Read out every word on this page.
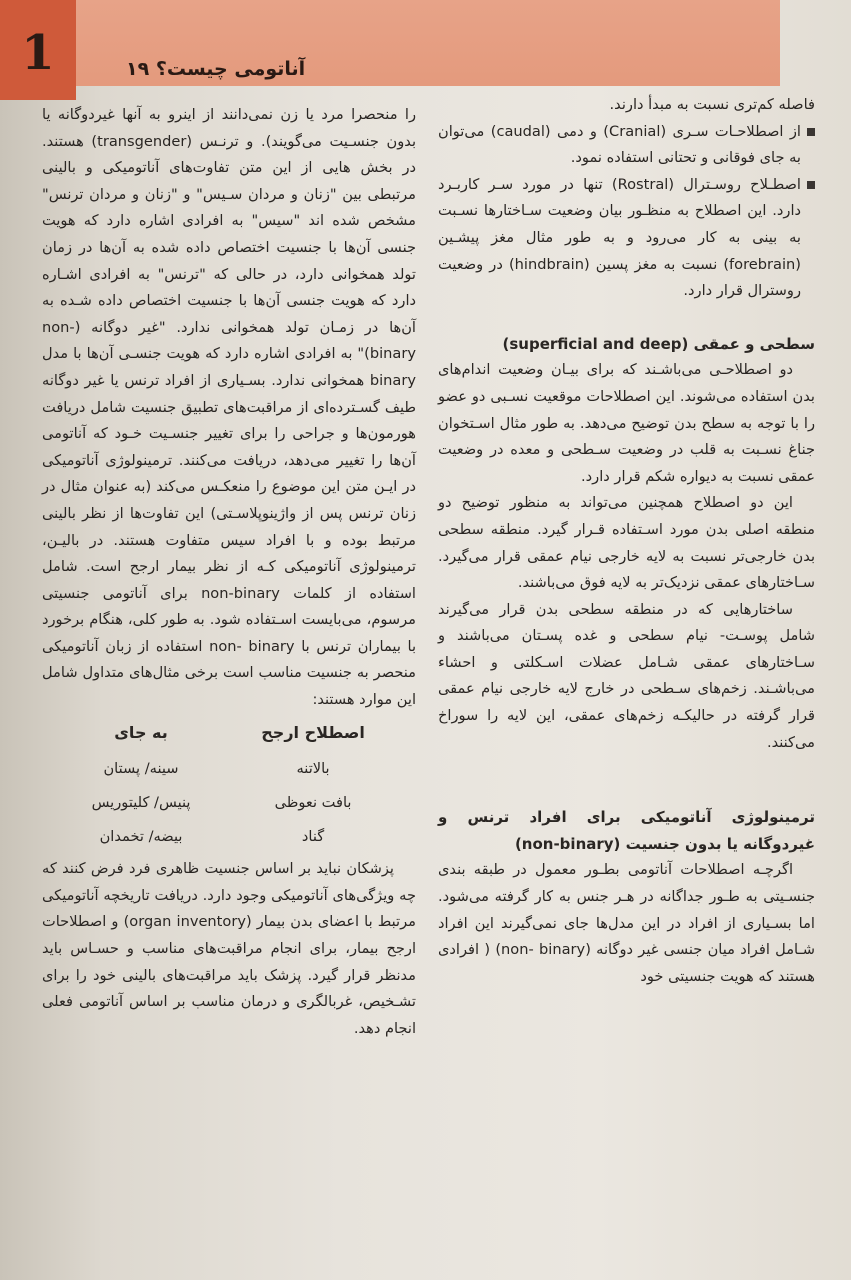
1	آناتومی چیست؟ ۱۹

فاصله کم‌تری نسبت به مبدأ دارند.

از اصطلاحـات سـری (Cranial) و دمی (caudal) می‌توان به جای فوقانی و تحتانی استفاده نمود.

اصطـلاح روسـترال (Rostral) تنها در مورد سـر کاربـرد دارد. این اصطلاح به منظـور بیان وضعیت سـاختارها نسـبت به بینی به کار می‌رود و به طور مثال مغز پیشـین (forebrain) نسبت به مغز پسین (hindbrain) در وضعیت روسترال قرار دارد.

سطحی و عمقی (superficial and deep)

دو اصطلاحـی می‌باشـند که برای بیـان وضعیت اندام‌های بدن استفاده می‌شوند. این اصطلاحات موقعیت نسـبی دو عضو را با توجه به سطح بدن توضیح می‌دهد. به طور مثال اسـتخوان جناغ نسـبت به قلب در وضعیت سـطحی و معده در وضعیت عمقی نسبت به دیواره شکم قرار دارد.

این دو اصطلاح همچنین می‌تواند به منظور توضیح دو منطقه اصلی بدن مورد اسـتفاده قـرار گیرد. منطقه سطحی بدن خارجی‌تر نسبت به لایه خارجی نیام عمقی قرار می‌گیرد. سـاختارهای عمقی نزدیک‌تر به لایه فوق می‌باشند.

ساختارهایی که در منطقه سطحی بدن قرار می‌گیرند شامل پوسـت- نیام سطحی و غده پسـتان می‌باشند و سـاختارهای عمقی شـامل عضلات اسـکلتی و احشاء می‌باشـند. زخم‌های سـطحی در خارج لایه خارجی نیام عمقی قرار گرفته در حالیکـه زخم‌های عمقی، این لایه را سوراخ می‌کنند.

ترمینولوژی آناتومیکی برای افراد ترنس و غیردوگانه یا بدون جنسیت (non-binary)

اگرچـه اصطلاحات آناتومی بطـور معمول در طبقه بندی جنسـیتی به طـور جداگانه در هـر جنس به کار گرفته می‌شود. اما بسـیاری از افراد در این مدل‌ها جای نمی‌گیرند این افراد شـامل افراد میان جنسی غیر دوگانه (non- binary) ( افرادی هستند که هویت جنسیتی خود

را منحصرا مرد یا زن نمی‌دانند از اینرو به آنها غیردوگانه یا بدون جنسـیت می‌گویند). و ترنـس (transgender) هستند. در بخش هایی از این متن تفاوت‌های آناتومیکی و بالینی مرتبطی بین "زنان و مردان سـیس" و "زنان و مردان ترنس" مشخص شده اند "سیس" به افرادی اشاره دارد که هویت جنسی آن‌ها با جنسیت اختصاص داده شده به آن‌ها در زمان تولد همخوانی دارد، در حالی که "ترنس" به افرادی اشـاره دارد که هویت جنسی آن‌ها با جنسیت اختصاص داده شـده به آن‌ها در زمـان تولد همخوانی ندارد. "غیر دوگانه (non- binary)" به افرادی اشاره دارد که هویت جنسـی آن‌ها با مدل binary همخوانی ندارد. بسـیاری از افراد ترنس یا غیر دوگانه طیف گسـترده‌ای از مراقبت‌های تطبیق جنسیت شامل دریافت هورمون‌ها و جراحی را برای تغییر جنسـیت خـود که آناتومی آن‌ها را تغییر می‌دهد، دریافت می‌کنند. ترمینولوژی آناتومیکی در ایـن متن این موضوع را منعکـس می‌کند (به عنوان مثال در زنان ترنس پس از واژینوپلاسـتی) این تفاوت‌ها از نظر بالینی مرتبط بوده و با افراد سیس متفاوت هستند. در بالیـن، ترمینولوژی آناتومیکی کـه از نظر بیمار ارجح است. شامل استفاده از کلمات non-binary برای آناتومی جنسیتی مرسوم، می‌بایست اسـتفاده شود. به طور کلی، هنگام برخورد با بیماران ترنس با non- binary استفاده از زبان آناتومیکی منحصر به جنسیت مناسب است برخی مثال‌های متداول شامل این موارد هستند:

اصطلاح ارجح	به جای
بالاتنه	سینه/ پستان
بافت نعوظی	پنیس/ کلیتوریس
گناد	بیضه/ تخمدان

پزشکان نباید بر اساس جنسیت ظاهری فرد فرض کنند که چه ویژگی‌های آناتومیکی وجود دارد. دریافت تاریخچه آناتومیکی مرتبط با اعضای بدن بیمار (organ inventory) و اصطلاحات ارجح بیمار، برای انجام مراقبت‌های مناسب و حسـاس باید مدنظر قرار گیرد. پزشک باید مراقبت‌های بالینی خود را برای تشـخیص، غربالگری و درمان مناسب بر اساس آناتومی فعلی انجام دهد.
